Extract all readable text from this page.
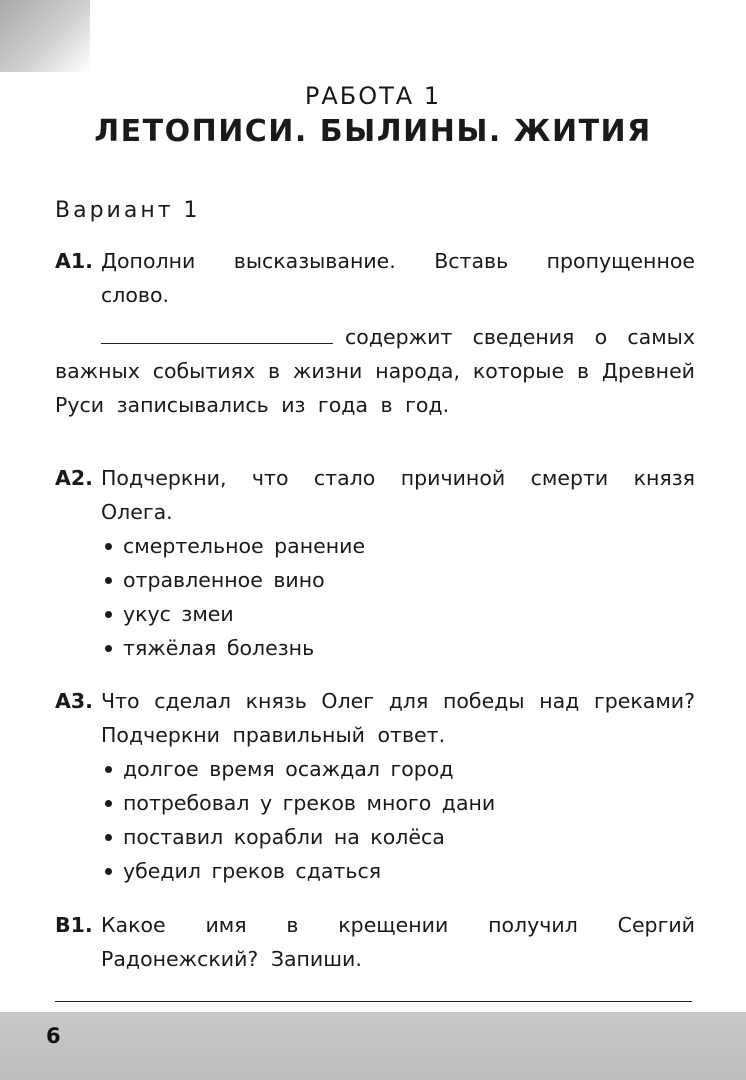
РАБОТА 1
ЛЕТОПИСИ. БЫЛИНЫ. ЖИТИЯ
Вариант 1
А1. Дополни высказывание. Вставь пропущенное слово.
содержит сведения о самых важных событиях в жизни народа, которые в Древней Руси записывались из года в год.
А2. Подчеркни, что стало причиной смерти князя Олега.
смертельное ранение
отравленное вино
укус змеи
тяжёлая болезнь
А3. Что сделал князь Олег для победы над греками? Подчеркни правильный ответ.
долгое время осаждал город
потребовал у греков много дани
поставил корабли на колёса
убедил греков сдаться
В1. Какое имя в крещении получил Сергий Радонежский? Запиши.
6
